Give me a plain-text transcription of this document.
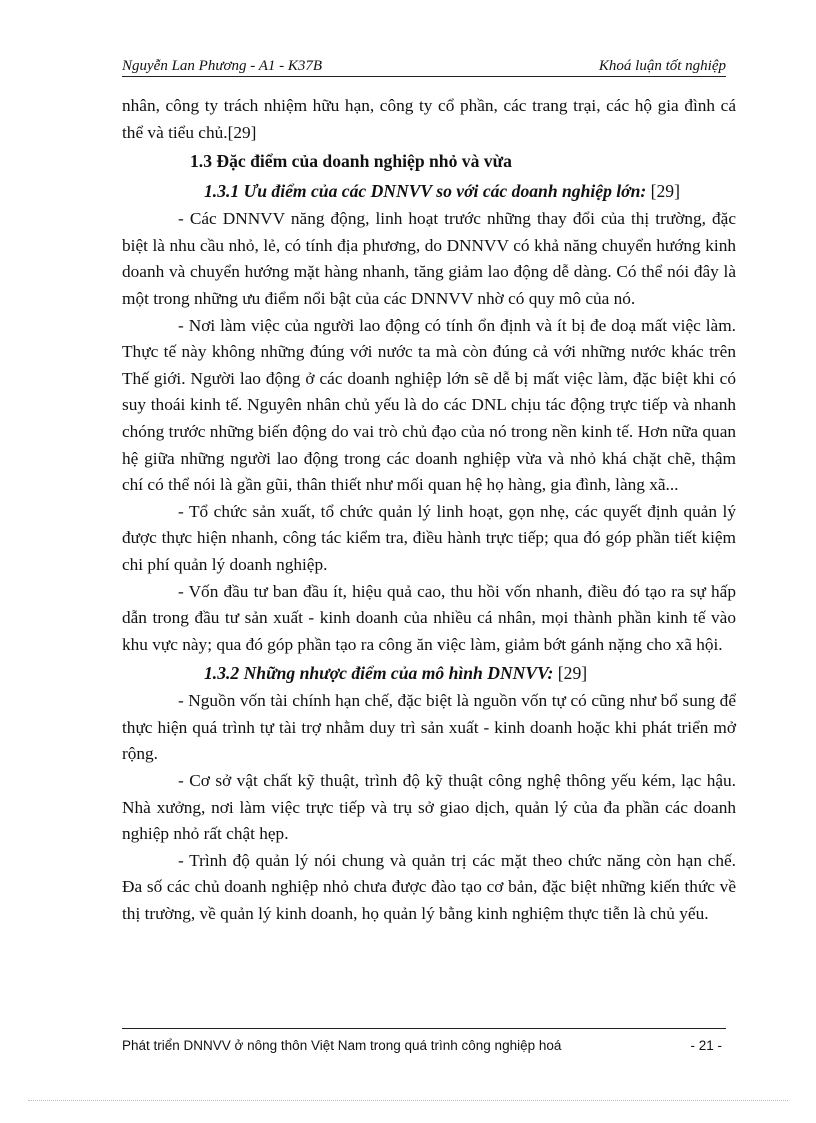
Nguyễn Lan Phương - A1 - K37B	Khoá luận tốt nghiệp

nhân, công ty trách nhiệm hữu hạn, công ty cổ phần, các trang trại, các hộ gia đình cá thể và tiểu chủ.[29]

1.3 Đặc điểm của doanh nghiệp nhỏ và vừa
1.3.1 Ưu điểm của các DNNVV so với các doanh nghiệp lớn: [29]

- Các DNNVV năng động, linh hoạt trước những thay đổi của thị trường, đặc biệt là nhu cầu nhỏ, lẻ, có tính địa phương, do DNNVV có khả năng chuyển hướng kinh doanh và chuyển hướng mặt hàng nhanh, tăng giảm lao động dễ dàng. Có thể nói đây là một trong những ưu điểm nổi bật của các DNNVV nhờ có quy mô của nó.

- Nơi làm việc của người lao động có tính ổn định và ít bị đe doạ mất việc làm. Thực tế này không những đúng với nước ta mà còn đúng cả với những nước khác trên Thế giới. Người lao động ở các doanh nghiệp lớn sẽ dễ bị mất việc làm, đặc biệt khi có suy thoái kinh tế. Nguyên nhân chủ yếu là do các DNL chịu tác động trực tiếp và nhanh chóng trước những biến động do vai trò chủ đạo của nó trong nền kinh tế. Hơn nữa quan hệ giữa những người lao động trong các doanh nghiệp vừa và nhỏ khá chặt chẽ, thậm chí có thể nói là gần gũi, thân thiết như mối quan hệ họ hàng, gia đình, làng xã...

- Tổ chức sản xuất, tổ chức quản lý linh hoạt, gọn nhẹ, các quyết định quản lý được thực hiện nhanh, công tác kiểm tra, điều hành trực tiếp; qua đó góp phần tiết kiệm chi phí quản lý doanh nghiệp.

- Vốn đầu tư ban đầu ít, hiệu quả cao, thu hồi vốn nhanh, điều đó tạo ra sự hấp dẫn trong đầu tư sản xuất - kinh doanh của nhiều cá nhân, mọi thành phần kinh tế vào khu vực này; qua đó góp phần tạo ra công ăn việc làm, giảm bớt gánh nặng cho xã hội.

1.3.2 Những nhược điểm của mô hình DNNVV: [29]

- Nguồn vốn tài chính hạn chế, đặc biệt là nguồn vốn tự có cũng như bổ sung để thực hiện quá trình tự tài trợ nhằm duy trì sản xuất - kinh doanh hoặc khi phát triển mở rộng.

- Cơ sở vật chất kỹ thuật, trình độ kỹ thuật công nghệ thông yếu kém, lạc hậu. Nhà xưởng, nơi làm việc trực tiếp và trụ sở giao dịch, quản lý của đa phần các doanh nghiệp nhỏ rất chật hẹp.

- Trình độ quản lý nói chung và quản trị các mặt theo chức năng còn hạn chế. Đa số các chủ doanh nghiệp nhỏ chưa được đào tạo cơ bản, đặc biệt những kiến thức về thị trường, về quản lý kinh doanh, họ quản lý bằng kinh nghiệm thực tiễn là chủ yếu.

Phát triển DNNVV ở nông thôn Việt Nam trong quá trình công nghiệp hoá	- 21 -
